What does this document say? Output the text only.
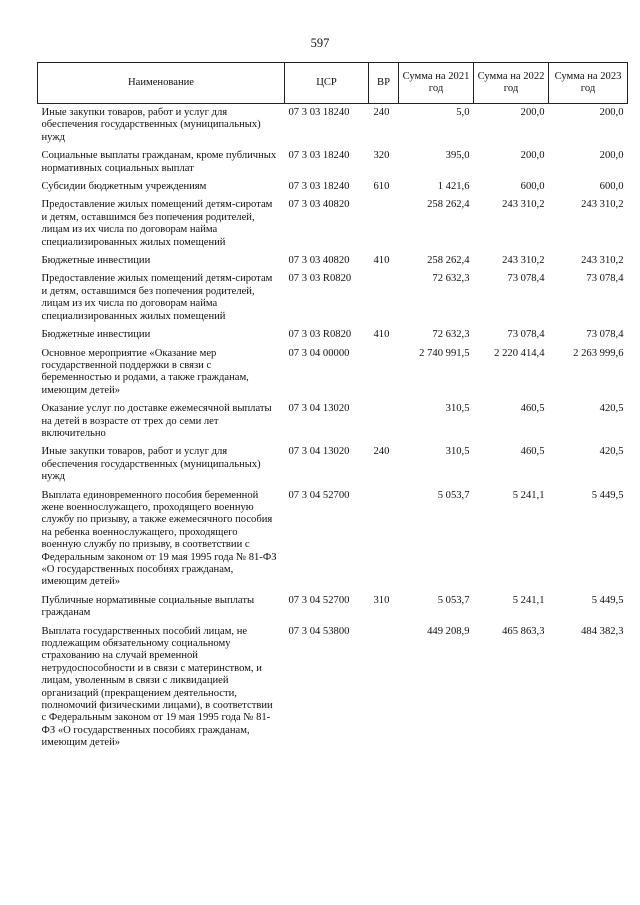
597
Наименование	ЦСР	ВР	Сумма на 2021 год	Сумма на 2022 год	Сумма на 2023 год
Иные закупки товаров, работ и услуг для обеспечения государственных (муниципальных) нужд	07 3 03 18240	240	5,0	200,0	200,0
Социальные выплаты гражданам, кроме публичных нормативных социальных выплат	07 3 03 18240	320	395,0	200,0	200,0
Субсидии бюджетным учреждениям	07 3 03 18240	610	1 421,6	600,0	600,0
Предоставление жилых помещений детям-сиротам и детям, оставшимся без попечения родителей, лицам из их числа по договорам найма специализированных жилых помещений	07 3 03 40820		258 262,4	243 310,2	243 310,2
Бюджетные инвестиции	07 3 03 40820	410	258 262,4	243 310,2	243 310,2
Предоставление жилых помещений детям-сиротам и детям, оставшимся без попечения родителей, лицам из их числа по договорам найма специализированных жилых помещений	07 3 03 R0820		72 632,3	73 078,4	73 078,4
Бюджетные инвестиции	07 3 03 R0820	410	72 632,3	73 078,4	73 078,4
Основное мероприятие «Оказание мер государственной поддержки в связи с беременностью и родами, а также гражданам, имеющим детей»	07 3 04 00000		2 740 991,5	2 220 414,4	2 263 999,6
Оказание услуг по доставке ежемесячной выплаты на детей в возрасте от трех до семи лет включительно	07 3 04 13020		310,5	460,5	420,5
Иные закупки товаров, работ и услуг для обеспечения государственных (муниципальных) нужд	07 3 04 13020	240	310,5	460,5	420,5
Выплата единовременного пособия беременной жене военнослужащего, проходящего военную службу по призыву, а также ежемесячного пособия на ребенка военнослужащего, проходящего военную службу по призыву, в соответствии с Федеральным законом от 19 мая 1995 года № 81-ФЗ «О государственных пособиях гражданам, имеющим детей»	07 3 04 52700		5 053,7	5 241,1	5 449,5
Публичные нормативные социальные выплаты гражданам	07 3 04 52700	310	5 053,7	5 241,1	5 449,5
Выплата государственных пособий лицам, не подлежащим обязательному социальному страхованию на случай временной нетрудоспособности и в связи с материнством, и лицам, уволенным в связи с ликвидацией организаций (прекращением деятельности, полномочий физическими лицами), в соответствии с Федеральным законом от 19 мая 1995 года № 81-ФЗ «О государственных пособиях гражданам, имеющим детей»	07 3 04 53800		449 208,9	465 863,3	484 382,3
